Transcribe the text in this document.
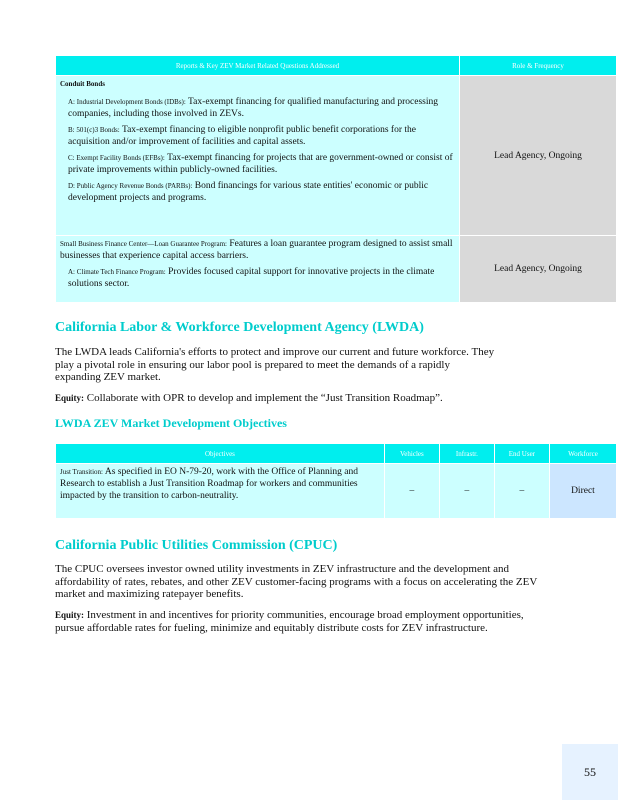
Reports & Key ZEV Market Related Questions Addressed	Role & Frequency

Conduit Bonds

A: Industrial Development Bonds (IDBs): Tax-exempt financing for qualified manufacturing and processing companies, including those involved in ZEVs.
B: 501(c)3 Bonds: Tax-exempt financing to eligible nonprofit public benefit corporations for the acquisition and/or improvement of facilities and capital assets.
C: Exempt Facility Bonds (EFBs): Tax-exempt financing for projects that are government-owned or consist of private improvements within publicly-owned facilities.
D: Public Agency Revenue Bonds (PARBs): Bond financings for various state entities' economic or public development projects and programs.	Lead Agency, Ongoing

Small Business Finance Center—Loan Guarantee Program: Features a loan guarantee program designed to assist small businesses that experience capital access barriers.

A: Climate Tech Finance Program: Provides focused capital support for innovative projects in the climate solutions sector.	Lead Agency, Ongoing
California Labor & Workforce Development Agency (LWDA)
The LWDA leads California's efforts to protect and improve our current and future workforce. They play a pivotal role in ensuring our labor pool is prepared to meet the demands of a rapidly expanding ZEV market.
Equity: Collaborate with OPR to develop and implement the “Just Transition Roadmap”.
LWDA ZEV Market Development Objectives
Objectives	Vehicles	Infrastr.	End User	Workforce
Just Transition: As specified in EO N-79-20, work with the Office of Planning and Research to establish a Just Transition Roadmap for workers and communities impacted by the transition to carbon-neutrality.	–	–	–	Direct
California Public Utilities Commission (CPUC)
The CPUC oversees investor owned utility investments in ZEV infrastructure and the development and affordability of rates, rebates, and other ZEV customer-facing programs with a focus on accelerating the ZEV market and maximizing ratepayer benefits.
Equity: Investment in and incentives for priority communities, encourage broad employment opportunities, pursue affordable rates for fueling, minimize and equitably distribute costs for ZEV infrastructure.
55
